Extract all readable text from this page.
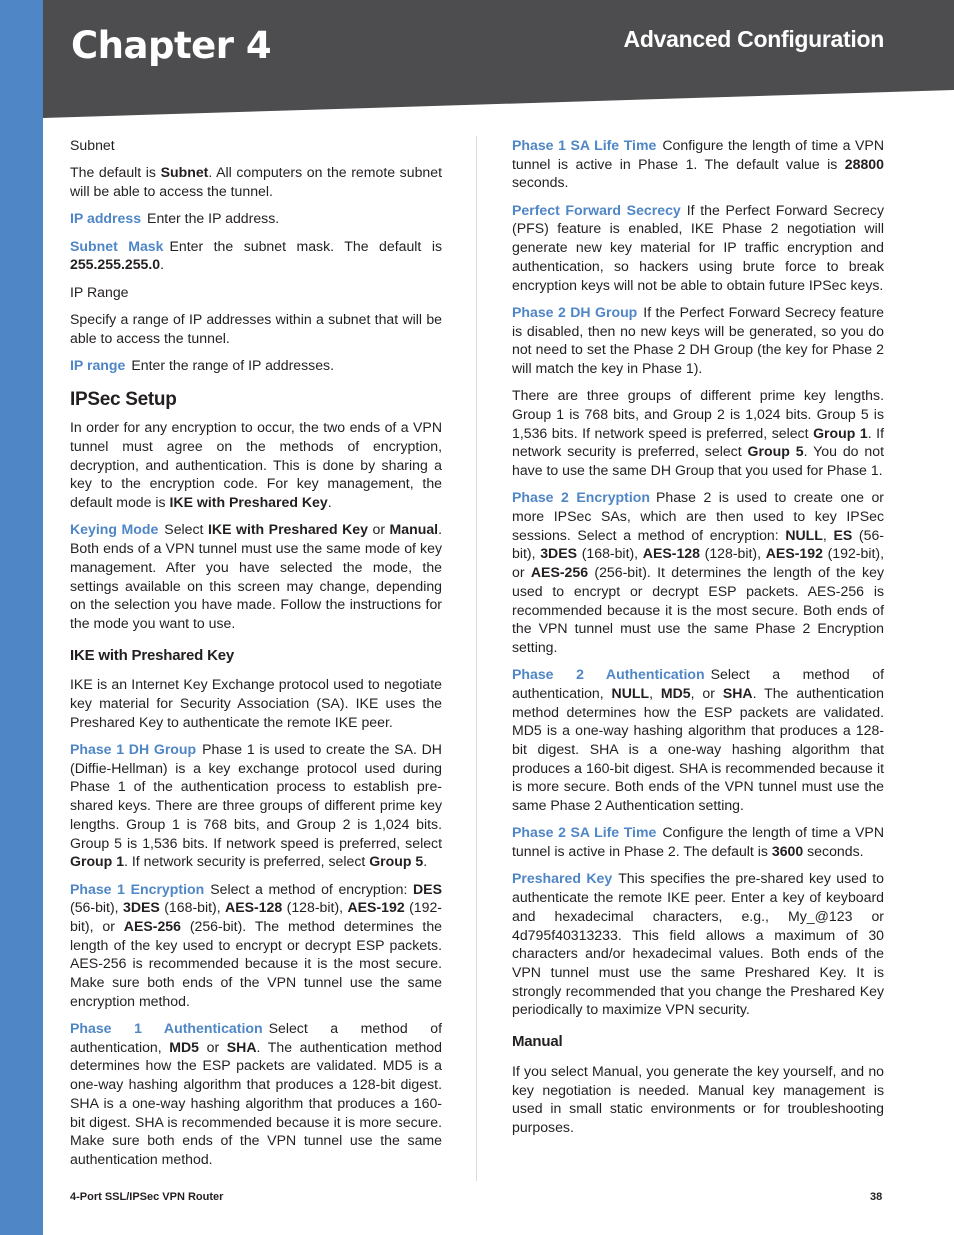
Chapter 4	Advanced Configuration

Subnet

The default is Subnet. All computers on the remote subnet will be able to access the tunnel.

IP address Enter the IP address.

Subnet Mask Enter the subnet mask. The default is 255.255.255.0.

IP Range

Specify a range of IP addresses within a subnet that will be able to access the tunnel.

IP range Enter the range of IP addresses.

IPSec Setup

In order for any encryption to occur, the two ends of a VPN tunnel must agree on the methods of encryption, decryption, and authentication. This is done by sharing a key to the encryption code. For key management, the default mode is IKE with Preshared Key.

Keying Mode Select IKE with Preshared Key or Manual. Both ends of a VPN tunnel must use the same mode of key management. After you have selected the mode, the settings available on this screen may change, depending on the selection you have made. Follow the instructions for the mode you want to use.

IKE with Preshared Key

IKE is an Internet Key Exchange protocol used to negotiate key material for Security Association (SA). IKE uses the Preshared Key to authenticate the remote IKE peer.

Phase 1 DH Group Phase 1 is used to create the SA. DH (Diffie-Hellman) is a key exchange protocol used during Phase 1 of the authentication process to establish pre-shared keys. There are three groups of different prime key lengths. Group 1 is 768 bits, and Group 2 is 1,024 bits. Group 5 is 1,536 bits. If network speed is preferred, select Group 1. If network security is preferred, select Group 5.

Phase 1 Encryption Select a method of encryption: DES (56-bit), 3DES (168-bit), AES-128 (128-bit), AES-192 (192-bit), or AES-256 (256-bit). The method determines the length of the key used to encrypt or decrypt ESP packets. AES-256 is recommended because it is the most secure. Make sure both ends of the VPN tunnel use the same encryption method.

Phase 1 Authentication Select a method of authentication, MD5 or SHA. The authentication method determines how the ESP packets are validated. MD5 is a one-way hashing algorithm that produces a 128-bit digest. SHA is a one-way hashing algorithm that produces a 160-bit digest. SHA is recommended because it is more secure. Make sure both ends of the VPN tunnel use the same authentication method.

Phase 1 SA Life Time Configure the length of time a VPN tunnel is active in Phase 1. The default value is 28800 seconds.

Perfect Forward Secrecy If the Perfect Forward Secrecy (PFS) feature is enabled, IKE Phase 2 negotiation will generate new key material for IP traffic encryption and authentication, so hackers using brute force to break encryption keys will not be able to obtain future IPSec keys.

Phase 2 DH Group If the Perfect Forward Secrecy feature is disabled, then no new keys will be generated, so you do not need to set the Phase 2 DH Group (the key for Phase 2 will match the key in Phase 1).

There are three groups of different prime key lengths. Group 1 is 768 bits, and Group 2 is 1,024 bits. Group 5 is 1,536 bits. If network speed is preferred, select Group 1. If network security is preferred, select Group 5. You do not have to use the same DH Group that you used for Phase 1.

Phase 2 Encryption Phase 2 is used to create one or more IPSec SAs, which are then used to key IPSec sessions. Select a method of encryption: NULL, ES (56-bit), 3DES (168-bit), AES-128 (128-bit), AES-192 (192-bit), or AES-256 (256-bit). It determines the length of the key used to encrypt or decrypt ESP packets. AES-256 is recommended because it is the most secure. Both ends of the VPN tunnel must use the same Phase 2 Encryption setting.

Phase 2 Authentication Select a method of authentication, NULL, MD5, or SHA. The authentication method determines how the ESP packets are validated. MD5 is a one-way hashing algorithm that produces a 128-bit digest. SHA is a one-way hashing algorithm that produces a 160-bit digest. SHA is recommended because it is more secure. Both ends of the VPN tunnel must use the same Phase 2 Authentication setting.

Phase 2 SA Life Time Configure the length of time a VPN tunnel is active in Phase 2. The default is 3600 seconds.

Preshared Key This specifies the pre-shared key used to authenticate the remote IKE peer. Enter a key of keyboard and hexadecimal characters, e.g., My_@123 or 4d795f40313233. This field allows a maximum of 30 characters and/or hexadecimal values. Both ends of the VPN tunnel must use the same Preshared Key. It is strongly recommended that you change the Preshared Key periodically to maximize VPN security.

Manual

If you select Manual, you generate the key yourself, and no key negotiation is needed. Manual key management is used in small static environments or for troubleshooting purposes.

4-Port SSL/IPSec VPN Router	38
